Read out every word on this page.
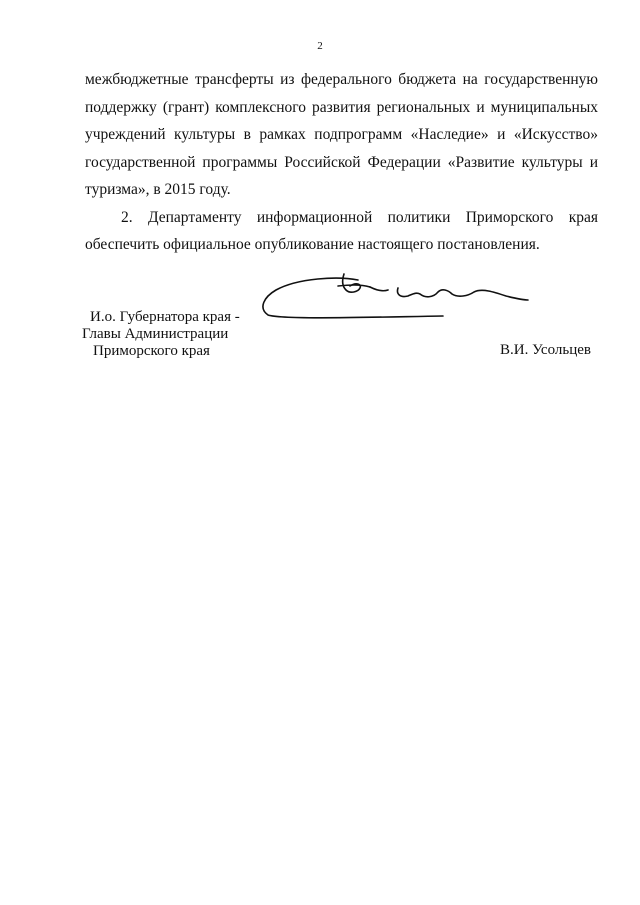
2

межбюджетные трансферты из федерального бюджета на государственную поддержку (грант) комплексного развития региональных и муниципальных учреждений культуры в рамках подпрограмм «Наследие» и «Искусство» государственной программы Российской Федерации «Развитие культуры и туризма», в 2015 году.

2. Департаменту информационной политики Приморского края обеспечить официальное опубликование настоящего постановления.

И.о. Губернатора края -
Главы Администрации
Приморского края	В.И. Усольцев
